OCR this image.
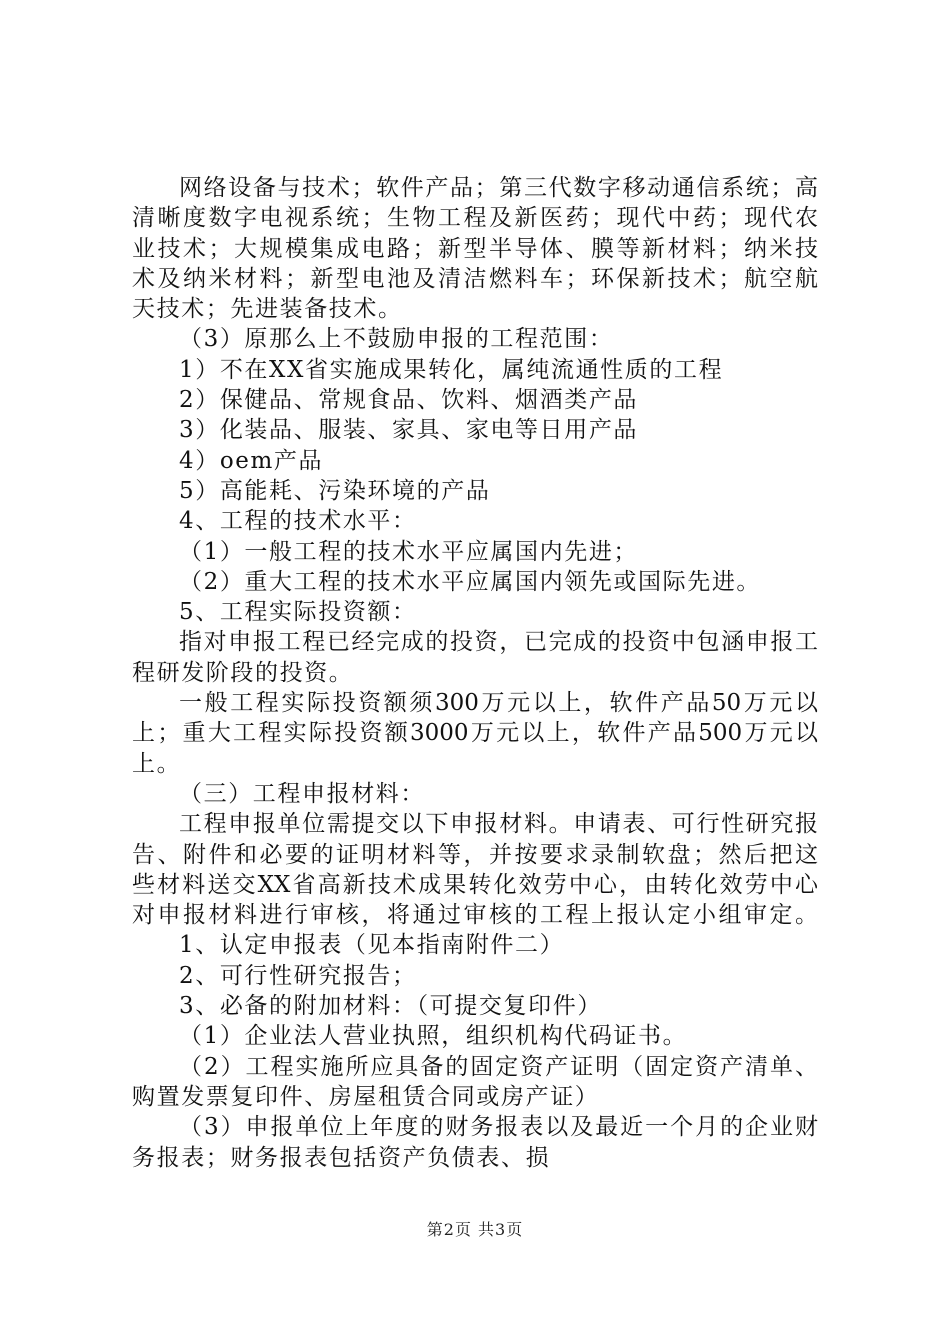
网络设备与技术；软件产品；第三代数字移动通信系统；高
清晰度数字电视系统；生物工程及新医药；现代中药；现代农
业技术；大规模集成电路；新型半导体、膜等新材料；纳米技
术及纳米材料；新型电池及清洁燃料车；环保新技术；航空航
天技术；先进装备技术。
（3）原那么上不鼓励申报的工程范围：
1）不在XX省实施成果转化，属纯流通性质的工程
2）保健品、常规食品、饮料、烟酒类产品
3）化装品、服装、家具、家电等日用产品
4）oem产品
5）高能耗、污染环境的产品
4、工程的技术水平：
（1）一般工程的技术水平应属国内先进；
（2）重大工程的技术水平应属国内领先或国际先进。
5、工程实际投资额：
指对申报工程已经完成的投资，已完成的投资中包涵申报工
程研发阶段的投资。
一般工程实际投资额须300万元以上，软件产品50万元以
上；重大工程实际投资额3000万元以上，软件产品500万元以
上。
（三）工程申报材料：
工程申报单位需提交以下申报材料。申请表、可行性研究报
告、附件和必要的证明材料等，并按要求录制软盘；然后把这
些材料送交XX省高新技术成果转化效劳中心，由转化效劳中心
对申报材料进行审核，将通过审核的工程上报认定小组审定。
1、认定申报表（见本指南附件二）
2、可行性研究报告；
3、必备的附加材料：（可提交复印件）
（1）企业法人营业执照，组织机构代码证书。
（2）工程实施所应具备的固定资产证明（固定资产清单、
购置发票复印件、房屋租赁合同或房产证）
（3）申报单位上年度的财务报表以及最近一个月的企业财
务报表；财务报表包括资产负债表、损
第2页 共3页
